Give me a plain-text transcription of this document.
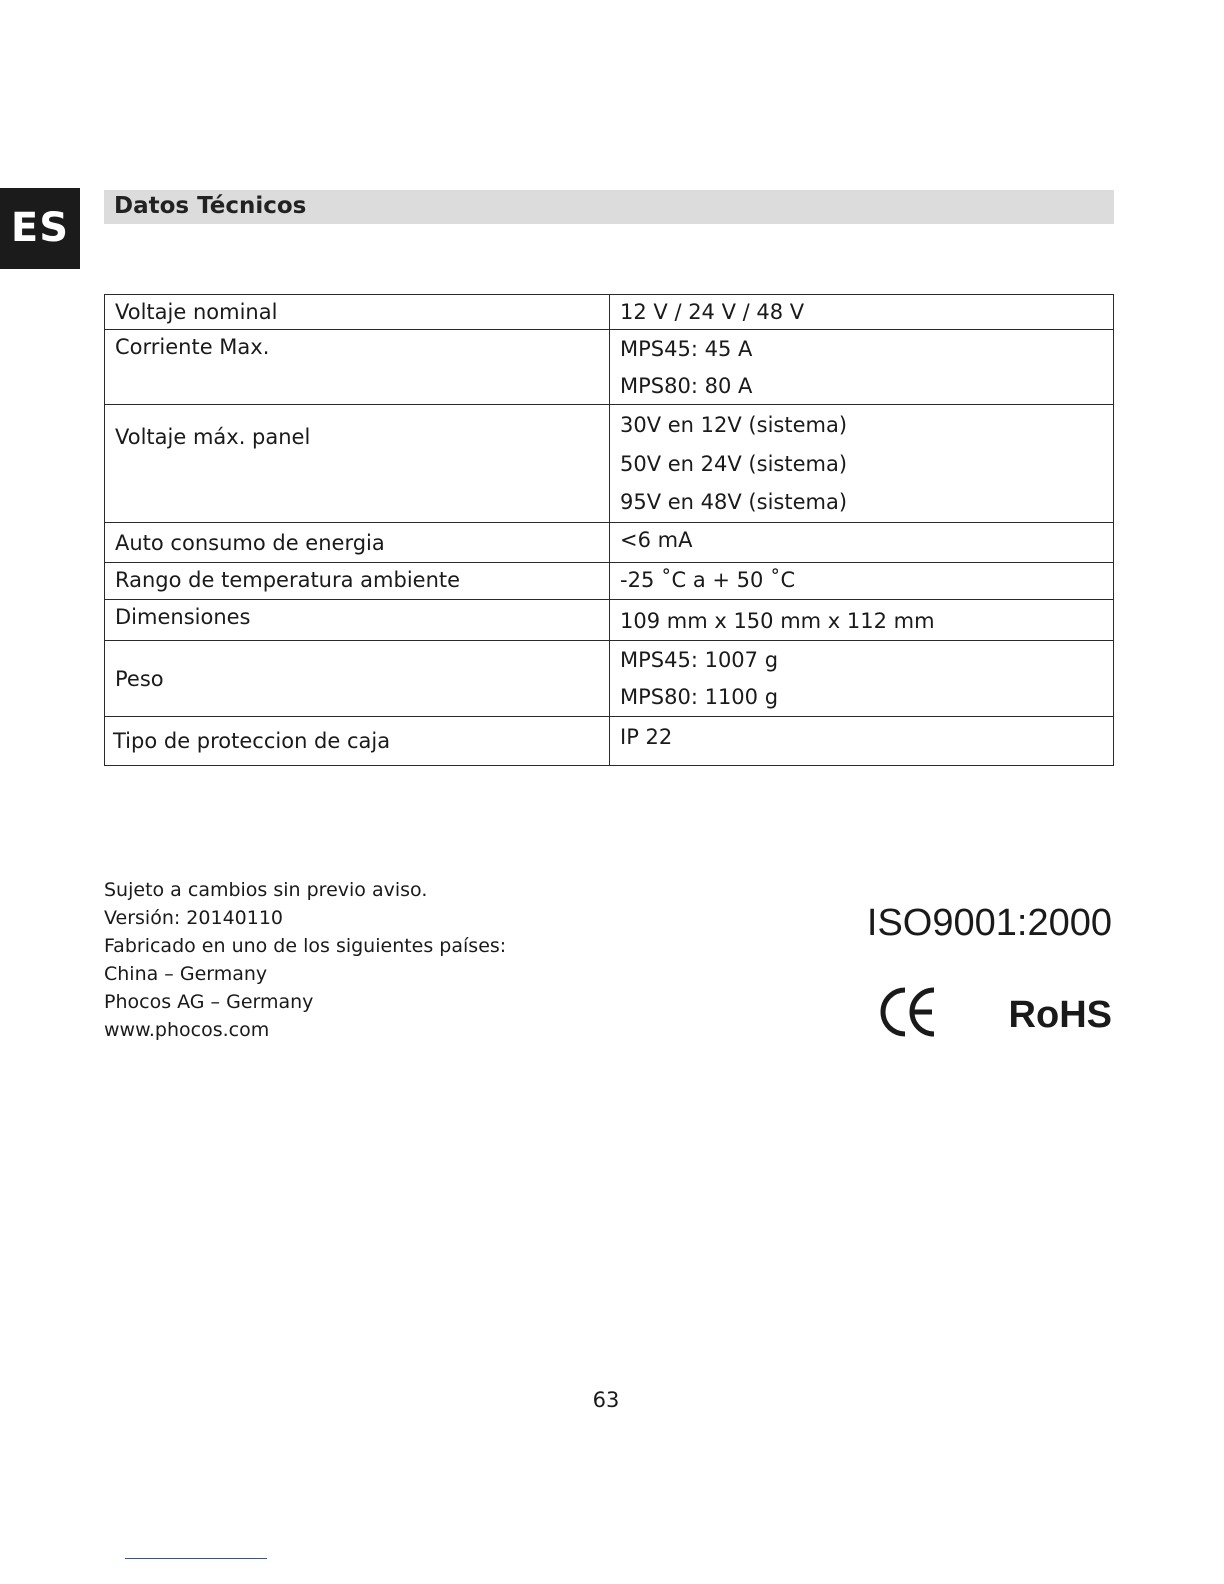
ES	Datos Técnicos
Voltaje nominal	12 V / 24 V / 48 V

Corriente Max.	MPS45: 45 A
MPS80: 80 A

Voltaje máx. panel	30V en 12V (sistema)
50V en 24V (sistema)
95V en 48V (sistema)

Auto consumo de energia	<6 mA

Rango de temperatura ambiente	-25 ˚C a + 50 ˚C

Dimensiones	109 mm x 150 mm x 112 mm

Peso	MPS45: 1007 g
MPS80: 1100 g

Tipo de proteccion de caja	IP 22
Sujeto a cambios sin previo aviso.
Versión: 20140110
Fabricado en uno de los siguientes países:
China – Germany
Phocos AG – Germany
www.phocos.com
ISO9001:2000
RoHS
63
